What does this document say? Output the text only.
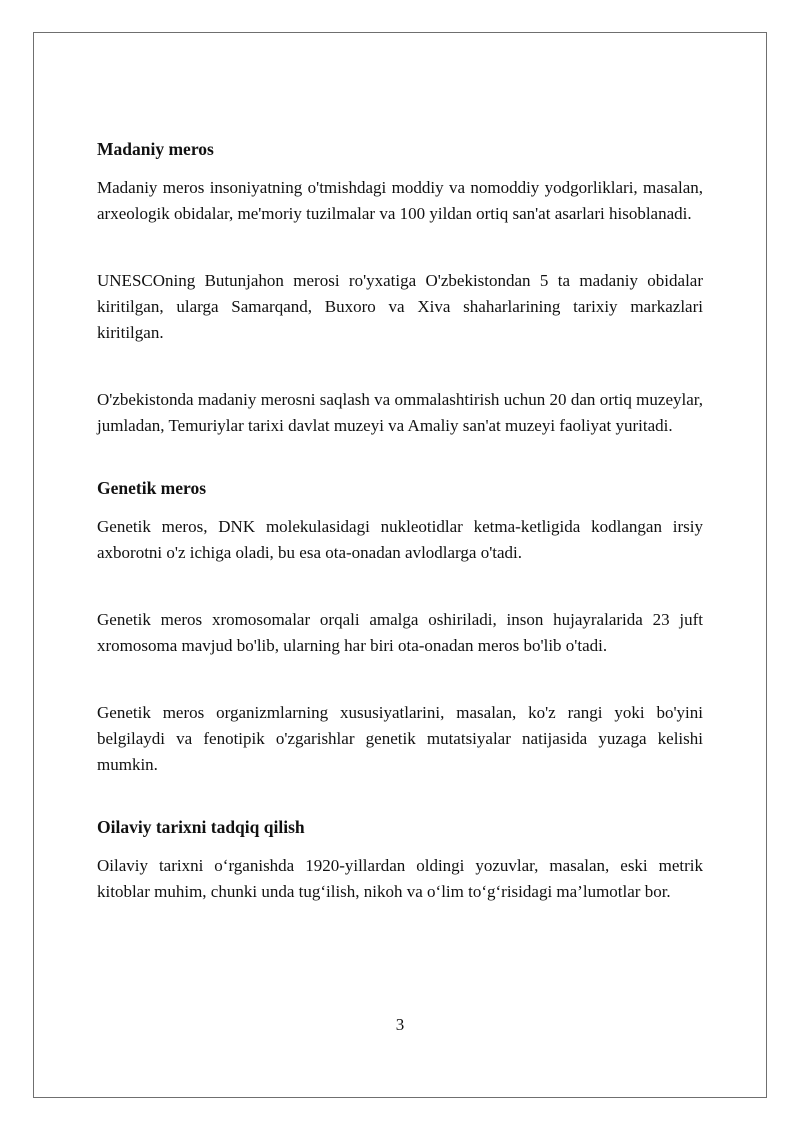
Madaniy meros

Madaniy meros insoniyatning o'tmishdagi moddiy va nomoddiy yodgorliklari, masalan, arxeologik obidalar, me'moriy tuzilmalar va 100 yildan ortiq san'at asarlari hisoblanadi.

UNESCOning Butunjahon merosi ro'yxatiga O'zbekistondan 5 ta madaniy obidalar kiritilgan, ularga Samarqand, Buxoro va Xiva shaharlarining tarixiy markazlari kiritilgan.

O'zbekistonda madaniy merosni saqlash va ommalashtirish uchun 20 dan ortiq muzeylar, jumladan, Temuriylar tarixi davlat muzeyi va Amaliy san'at muzeyi faoliyat yuritadi.

Genetik meros

Genetik meros, DNK molekulasidagi nukleotidlar ketma-ketligida kodlangan irsiy axborotni o'z ichiga oladi, bu esa ota-onadan avlodlarga o'tadi.

Genetik meros xromosomalar orqali amalga oshiriladi, inson hujayralarida 23 juft xromosoma mavjud bo'lib, ularning har biri ota-onadan meros bo'lib o'tadi.

Genetik meros organizmlarning xususiyatlarini, masalan, ko'z rangi yoki bo'yini belgilaydi va fenotipik o'zgarishlar genetik mutatsiyalar natijasida yuzaga kelishi mumkin.

Oilaviy tarixni tadqiq qilish

Oilaviy tarixni o‘rganishda 1920-yillardan oldingi yozuvlar, masalan, eski metrik kitoblar muhim, chunki unda tug‘ilish, nikoh va o‘lim to‘g‘risidagi ma’lumotlar bor.

3
